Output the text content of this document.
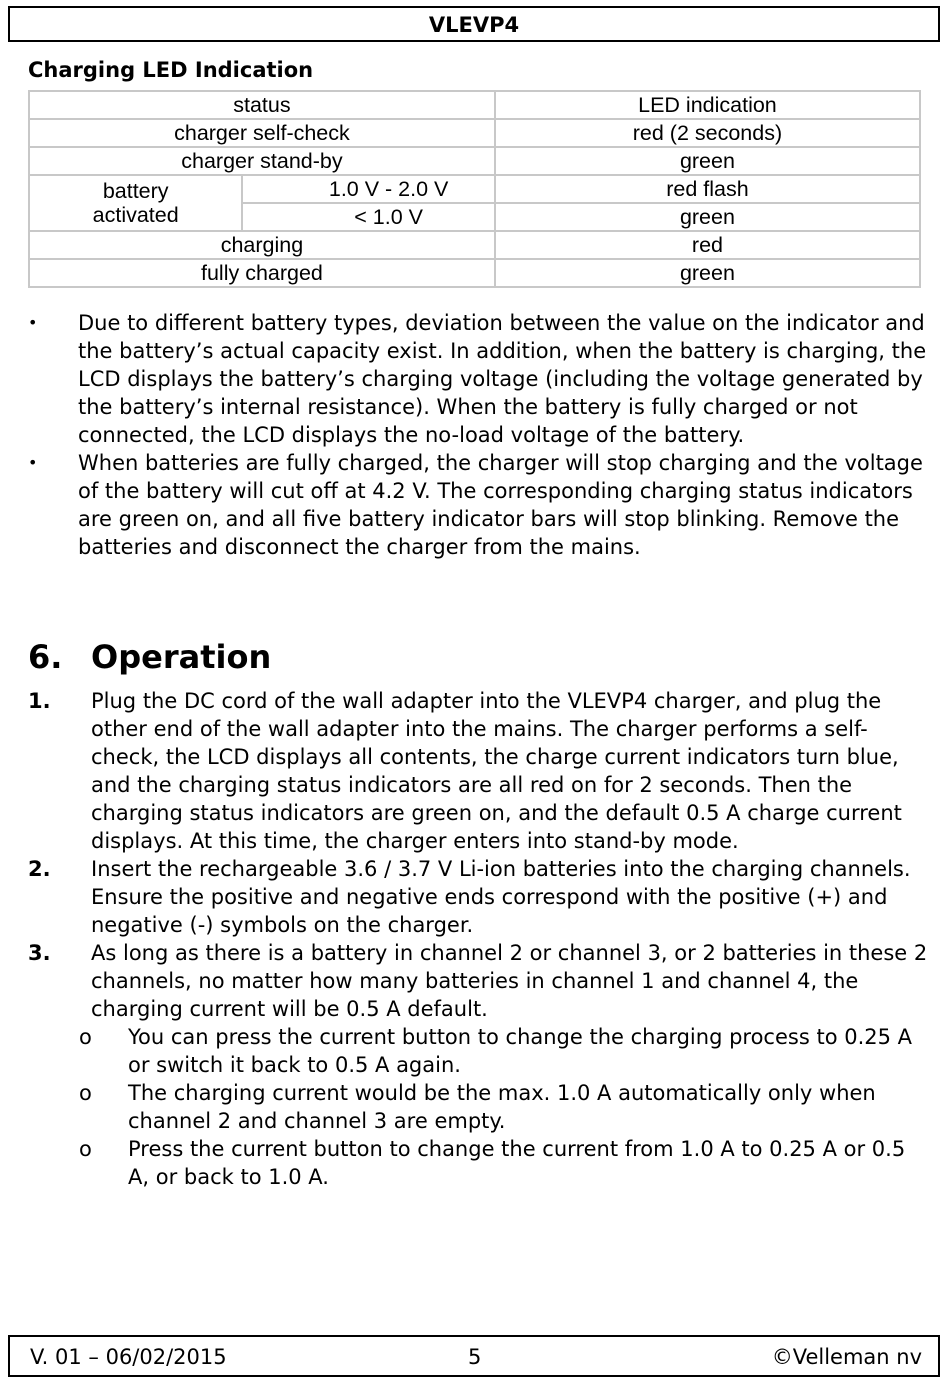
VLEVP4
Charging LED Indication
status		LED indication
charger self-check		red (2 seconds)
charger stand-by		green
battery
activated	1.0 V - 2.0 V	red flash
	< 1.0 V	green
charging		red
fully charged		green

• Due to different battery types, deviation between the value on the indicator and the battery’s actual capacity exist. In addition, when the battery is charging, the LCD displays the battery’s charging voltage (including the voltage generated by the battery’s internal resistance). When the battery is fully charged or not connected, the LCD displays the no-load voltage of the battery.

• When batteries are fully charged, the charger will stop charging and the voltage of the battery will cut off at 4.2 V. The corresponding charging status indicators are green on, and all five battery indicator bars will stop blinking. Remove the batteries and disconnect the charger from the mains.

6. Operation

1. Plug the DC cord of the wall adapter into the VLEVP4 charger, and plug the other end of the wall adapter into the mains. The charger performs a self-check, the LCD displays all contents, the charge current indicators turn blue, and the charging status indicators are all red on for 2 seconds. Then the charging status indicators are green on, and the default 0.5 A charge current displays. At this time, the charger enters into stand-by mode.

2. Insert the rechargeable 3.6 / 3.7 V Li-ion batteries into the charging channels. Ensure the positive and negative ends correspond with the positive (+) and negative (-) symbols on the charger.

3. As long as there is a battery in channel 2 or channel 3, or 2 batteries in these 2 channels, no matter how many batteries in channel 1 and channel 4, the charging current will be 0.5 A default.

o You can press the current button to change the charging process to 0.25 A or switch it back to 0.5 A again.

o The charging current would be the max. 1.0 A automatically only when channel 2 and channel 3 are empty.

o Press the current button to change the current from 1.0 A to 0.25 A or 0.5 A, or back to 1.0 A.

V. 01 – 06/02/2015	5	©Velleman nv
